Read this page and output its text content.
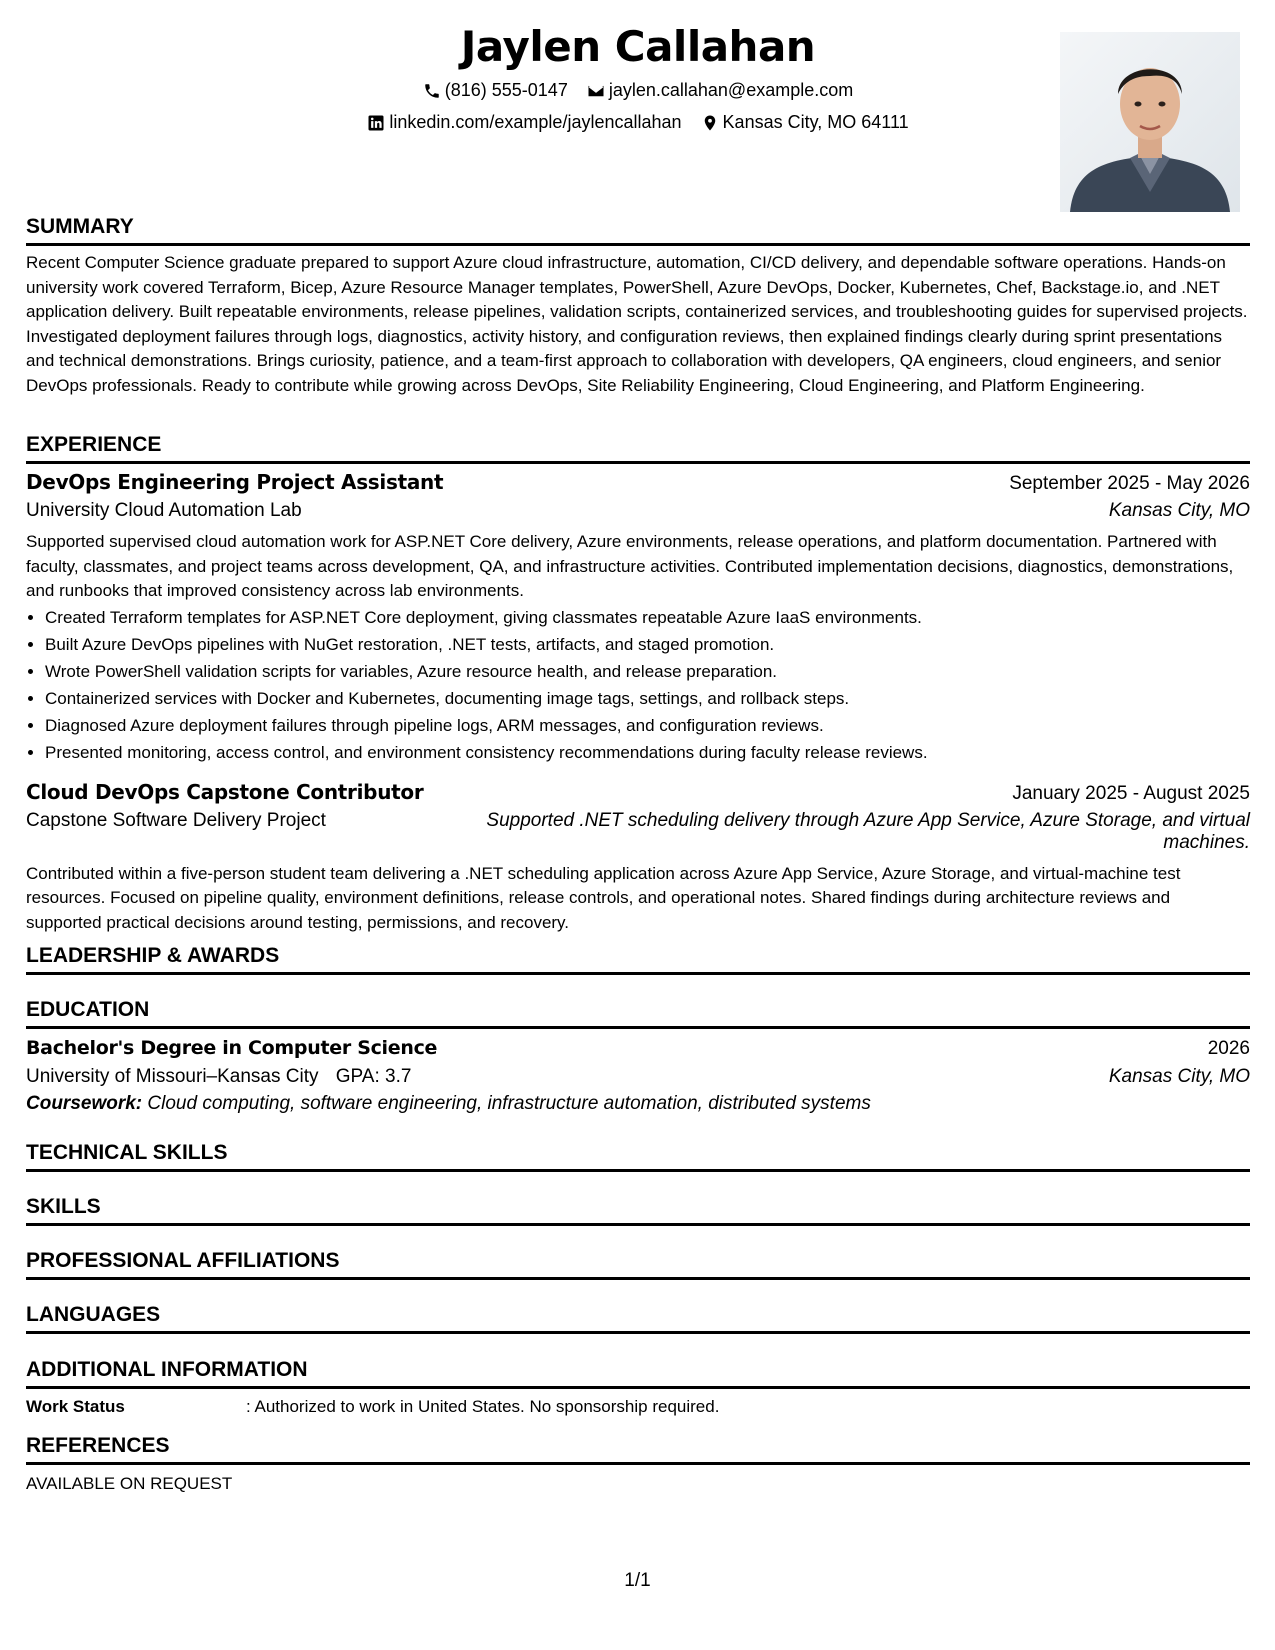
Jaylen Callahan
(816) 555-0147
jaylen.callahan@example.com
linkedin.com/example/jaylencallahan
Kansas City, MO 64111
SUMMARY
Recent Computer Science graduate prepared to support Azure cloud infrastructure, automation, CI/CD delivery, and dependable software operations. Hands-on university work covered Terraform, Bicep, Azure Resource Manager templates, PowerShell, Azure DevOps, Docker, Kubernetes, Chef, Backstage.io, and .NET application delivery. Built repeatable environments, release pipelines, validation scripts, containerized services, and troubleshooting guides for supervised projects. Investigated deployment failures through logs, diagnostics, activity history, and configuration reviews, then explained findings clearly during sprint presentations and technical demonstrations. Brings curiosity, patience, and a team-first approach to collaboration with developers, QA engineers, cloud engineers, and senior DevOps professionals. Ready to contribute while growing across DevOps, Site Reliability Engineering, Cloud Engineering, and Platform Engineering.
EXPERIENCE
DevOps Engineering Project Assistant	September 2025 - May 2026
University Cloud Automation Lab	Kansas City, MO
Supported supervised cloud automation work for ASP.NET Core delivery, Azure environments, release operations, and platform documentation. Partnered with faculty, classmates, and project teams across development, QA, and infrastructure activities. Contributed implementation decisions, diagnostics, demonstrations, and runbooks that improved consistency across lab environments.
• Created Terraform templates for ASP.NET Core deployment, giving classmates repeatable Azure IaaS environments.
• Built Azure DevOps pipelines with NuGet restoration, .NET tests, artifacts, and staged promotion.
• Wrote PowerShell validation scripts for variables, Azure resource health, and release preparation.
• Containerized services with Docker and Kubernetes, documenting image tags, settings, and rollback steps.
• Diagnosed Azure deployment failures through pipeline logs, ARM messages, and configuration reviews.
• Presented monitoring, access control, and environment consistency recommendations during faculty release reviews.
Cloud DevOps Capstone Contributor	January 2025 - August 2025
Capstone Software Delivery Project	Supported .NET scheduling delivery through Azure App Service, Azure Storage, and virtual machines.
Contributed within a five-person student team delivering a .NET scheduling application across Azure App Service, Azure Storage, and virtual-machine test resources. Focused on pipeline quality, environment definitions, release controls, and operational notes. Shared findings during architecture reviews and supported practical decisions around testing, permissions, and recovery.
LEADERSHIP & AWARDS
EDUCATION
Bachelor's Degree in Computer Science	2026
University of Missouri–Kansas City GPA: 3.7	Kansas City, MO
Coursework: Cloud computing, software engineering, infrastructure automation, distributed systems
TECHNICAL SKILLS
SKILLS
PROFESSIONAL AFFILIATIONS
LANGUAGES
ADDITIONAL INFORMATION
Work Status	: Authorized to work in United States. No sponsorship required.
REFERENCES
AVAILABLE ON REQUEST
1/1
